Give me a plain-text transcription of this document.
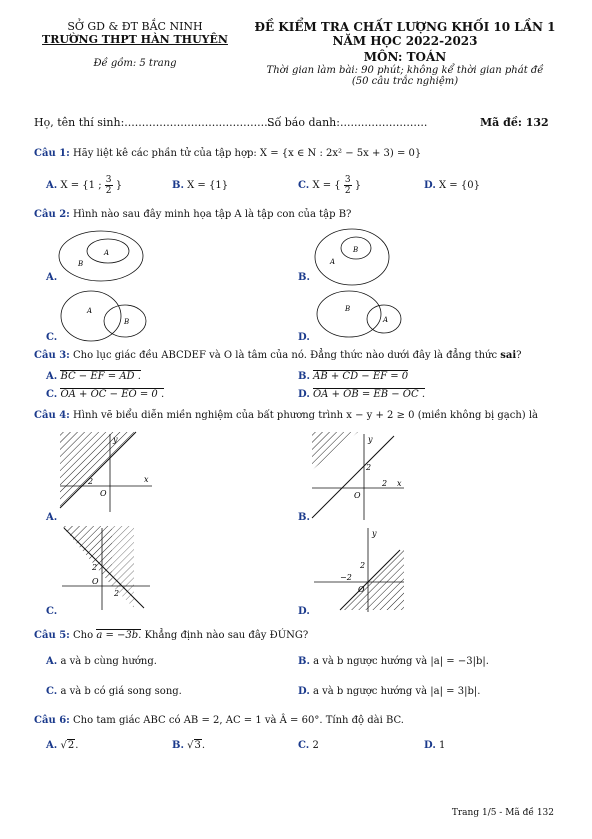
SỞ GD & ĐT BẮC NINH
TRƯỜNG THPT HÀN THUYÊN
Đề gồm: 5 trang
ĐỀ KIỂM TRA CHẤT LƯỢNG KHỐI 10 LẦN 1
NĂM HỌC 2022-2023
MÔN: TOÁN
Thời gian làm bài: 90 phút; không kể thời gian phát đề
(50 câu trắc nghiệm)
Họ, tên thí sinh:.............................................
Số báo danh:.........................	Mã đề: 132
Câu 1: Hãy liệt kê các phần tử của tập hợp: X = {x ∈ N : 2x² − 5x + 3) = 0}
A. X = {1 ; $\frac{3}{2}$ }	B. X = {1}	C. X = { $\frac{3}{2}$ }	D. X = {0}
Câu 2: Hình nào sau đây minh họa tập A là tập con của tập B?
A
B
B
A
A.	B.
A
B
B
A
C.	D.
Câu 3: Cho lục giác đều ABCDEF và O là tâm của nó. Đẳng thức nào dưới đây là đẳng thức sai?
A. BC − EF = AD .	B. AB + CD − EF = 0
C. OA + OC − EO = 0 .	D. OA + OB = EB − OC .
Câu 4: Hình vẽ biểu diễn miền nghiệm của bất phương trình x − y + 2 ≥ 0 (miền không bị gạch) là
x
y
O
2
A.
x
y
O
2
2
B.
O
2
2
C.
y
O
2
−2
D.
Câu 5: Cho a = −3b. Khẳng định nào sau đây ĐÚNG?
A. a và b cùng hướng.	B. a và b ngược hướng và |a| = −3|b|.
C. a và b có giá song song.	D. a và b ngược hướng và |a| = 3|b|.
Câu 6: Cho tam giác ABC có AB = 2, AC = 1 và Â = 60°. Tính độ dài BC.
A. √2.	B. √3.	C. 2	D. 1
Trang 1/5 - Mã đề 132
